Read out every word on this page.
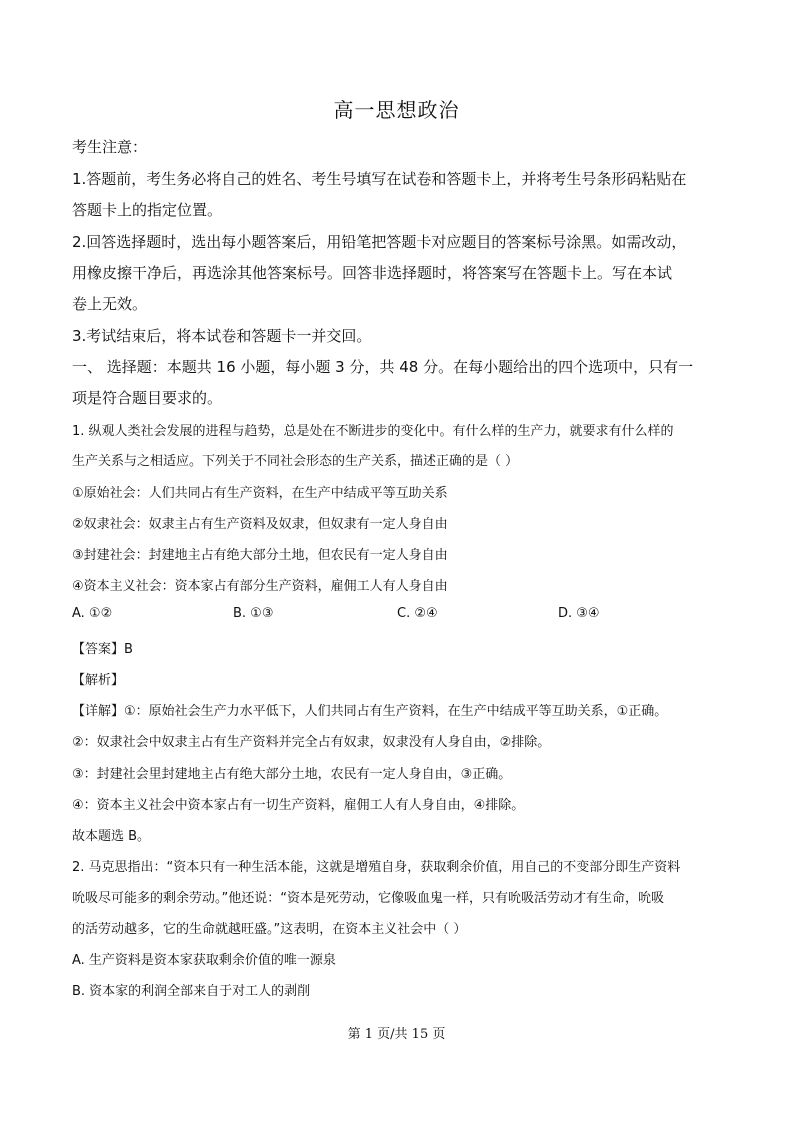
高一思想政治
考生注意：
1.答题前，考生务必将自己的姓名、考生号填写在试卷和答题卡上，并将考生号条形码粘贴在
答题卡上的指定位置。
2.回答选择题时，选出每小题答案后，用铅笔把答题卡对应题目的答案标号涂黑。如需改动，
用橡皮擦干净后，再选涂其他答案标号。回答非选择题时，将答案写在答题卡上。写在本试
卷上无效。
3.考试结束后，将本试卷和答题卡一并交回。
一、 选择题：本题共 16 小题，每小题 3 分，共 48 分。在每小题给出的四个选项中，只有一
项是符合题目要求的。
1. 纵观人类社会发展的进程与趋势，总是处在不断进步的变化中。有什么样的生产力，就要求有什么样的
生产关系与之相适应。下列关于不同社会形态的生产关系，描述正确的是（ ）
①原始社会：人们共同占有生产资料，在生产中结成平等互助关系
②奴隶社会：奴隶主占有生产资料及奴隶，但奴隶有一定人身自由
③封建社会：封建地主占有绝大部分土地，但农民有一定人身自由
④资本主义社会：资本家占有部分生产资料，雇佣工人有人身自由
A. ①②	B. ①③	C. ②④	D. ③④
【答案】B
【解析】
【详解】①：原始社会生产力水平低下，人们共同占有生产资料，在生产中结成平等互助关系，①正确。
②：奴隶社会中奴隶主占有生产资料并完全占有奴隶，奴隶没有人身自由，②排除。
③：封建社会里封建地主占有绝大部分土地，农民有一定人身自由，③正确。
④：资本主义社会中资本家占有一切生产资料，雇佣工人有人身自由，④排除。
故本题选 B。
2. 马克思指出：“资本只有一种生活本能，这就是增殖自身，获取剩余价值，用自己的不变部分即生产资料
吮吸尽可能多的剩余劳动。”他还说：“资本是死劳动，它像吸血鬼一样，只有吮吸活劳动才有生命，吮吸
的活劳动越多，它的生命就越旺盛。”这表明，在资本主义社会中（ ）
A. 生产资料是资本家获取剩余价值的唯一源泉
B. 资本家的利润全部来自于对工人的剥削
第 1 页/共 15 页
